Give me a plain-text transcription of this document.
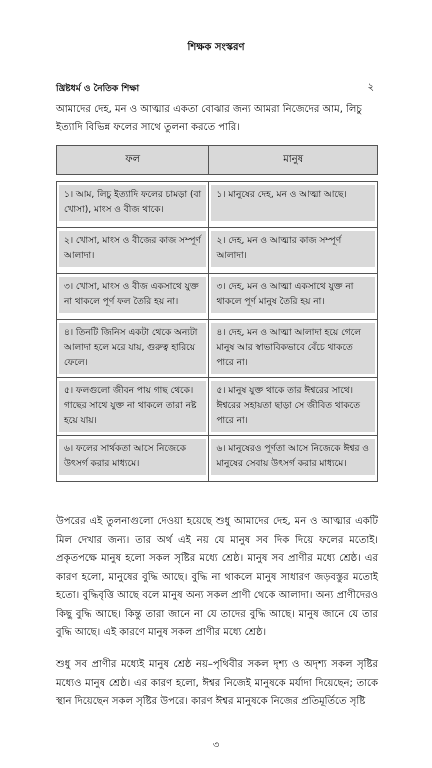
শিক্ষক সংস্করণ
খ্রিষ্টধর্ম ও নৈতিক শিক্ষা	২
আমাদের দেহ, মন ও আত্মার একতা বোঝার জন্য আমরা নিজেদের আম, লিচু ইত্যাদি বিভিন্ন ফলের সাথে তুলনা করতে পারি।
ফল	মানুষ

১। আম, লিচু ইত্যাদি ফলের চামড়া (বা খোসা), মাংস ও বীজ থাকে।	১। মানুষের দেহ, মন ও আত্মা আছে।

২। খোসা, মাংস ও বীজের কাজ সম্পূর্ণ আলাদা।	২। দেহ, মন ও আত্মার কাজ সম্পূর্ণ আলাদা।

৩। খোসা, মাংস ও বীজ একসাথে যুক্ত না থাকলে পূর্ণ ফল তৈরি হয় না।	৩। দেহ, মন ও আত্মা একসাথে যুক্ত না থাকলে পূর্ণ মানুষ তৈরি হয় না।

৪। তিনটি জিনিস একটা থেকে অন্যটা আলাদা হলে মরে যায়, গুরুত্ব হারিয়ে ফেলে।	৪। দেহ, মন ও আত্মা আলাদা হয়ে গেলে মানুষ আর স্বাভাবিকভাবে বেঁচে থাকতে পারে না।

৫। ফলগুলো জীবন পায় গাছ থেকে। গাছের সাথে যুক্ত না থাকলে তারা নষ্ট হয়ে যায়।	৫। মানুষ যুক্ত থাকে তার ঈশ্বরের সাথে। ঈশ্বরের সহায়তা ছাড়া সে জীবিত থাকতে পারে না।

৬। ফলের সার্থকতা আসে নিজেকে উৎসর্গ করার মাধ্যমে।	৬। মানুষেরও পূর্ণতা আসে নিজেকে ঈশ্বর ও মানুষের সেবায় উৎসর্গ করার মাধ্যমে।
উপরের এই তুলনাগুলো দেওয়া হয়েছে শুধু আমাদের দেহ, মন ও আত্মার একটি মিল দেখার জন্য। তার অর্থ এই নয় যে মানুষ সব দিক দিয়ে ফলের মতোই। প্রকৃতপক্ষে মানুষ হলো সকল সৃষ্টির মধ্যে শ্রেষ্ঠ। মানুষ সব প্রাণীর মধ্যে শ্রেষ্ঠ। এর কারণ হলো, মানুষের বুদ্ধি আছে। বুদ্ধি না থাকলে মানুষ সাধারণ জড়বস্তুর মতোই হতো। বুদ্ধিবৃত্তি আছে বলে মানুষ অন্য সকল প্রাণী থেকে আলাদা। অন্য প্রাণীদেরও কিছু বুদ্ধি আছে। কিন্তু তারা জানে না যে তাদের বুদ্ধি আছে। মানুষ জানে যে তার বুদ্ধি আছে। এই কারণে মানুষ সকল প্রাণীর মধ্যে শ্রেষ্ঠ।
শুধু সব প্রাণীর মধ্যেই মানুষ শ্রেষ্ঠ নয়–পৃথিবীর সকল দৃশ্য ও অদৃশ্য সকল সৃষ্টির মধ্যেও মানুষ শ্রেষ্ঠ। এর কারণ হলো, ঈশ্বর নিজেই মানুষকে মর্যাদা দিয়েছেন; তাকে স্থান দিয়েছেন সকল সৃষ্টির উপরে। কারণ ঈশ্বর মানুষকে নিজের প্রতিমূর্তিতে সৃষ্টি
৩
